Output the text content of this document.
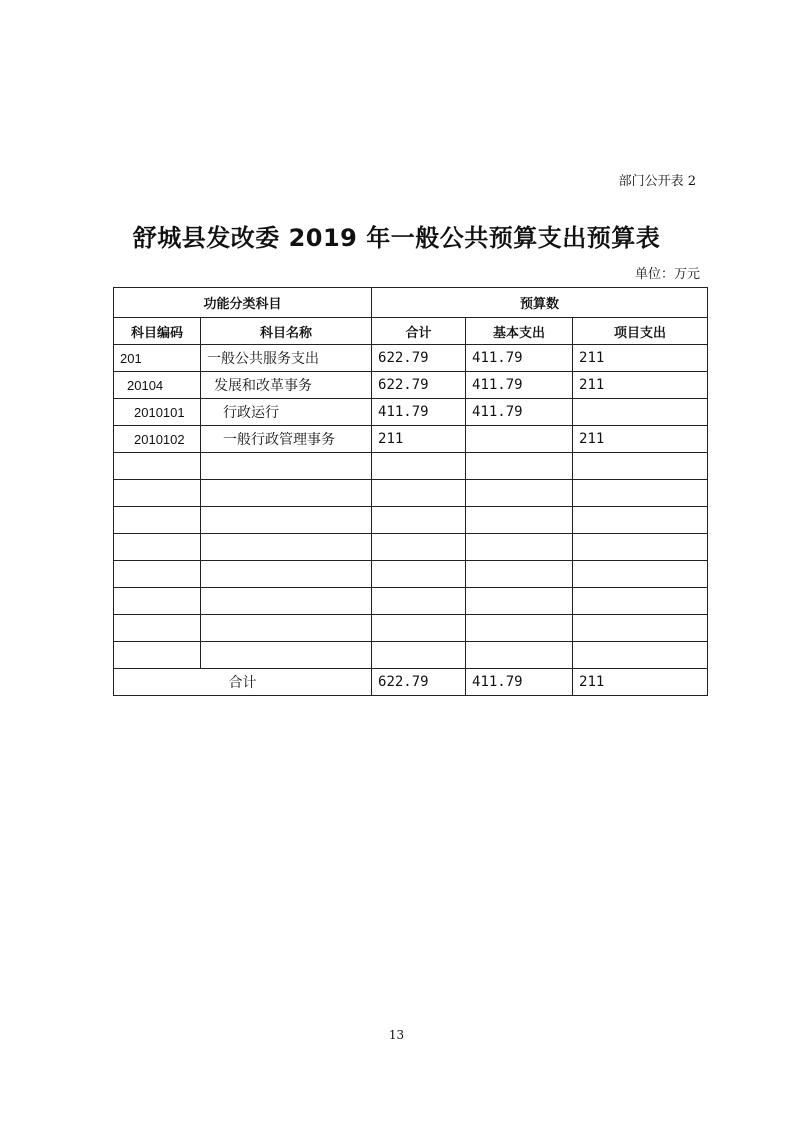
部门公开表 2
舒城县发改委 2019 年一般公共预算支出预算表
单位：万元
功能分类科目		预算数		
科目编码	科目名称	合计	基本支出	项目支出
201	一般公共服务支出	622.79	411.79	211
20104	发展和改革事务	622.79	411.79	211
2010101	行政运行	411.79	411.79	
2010102	一般行政管理事务	211		211

合计		622.79	411.79	211
13
